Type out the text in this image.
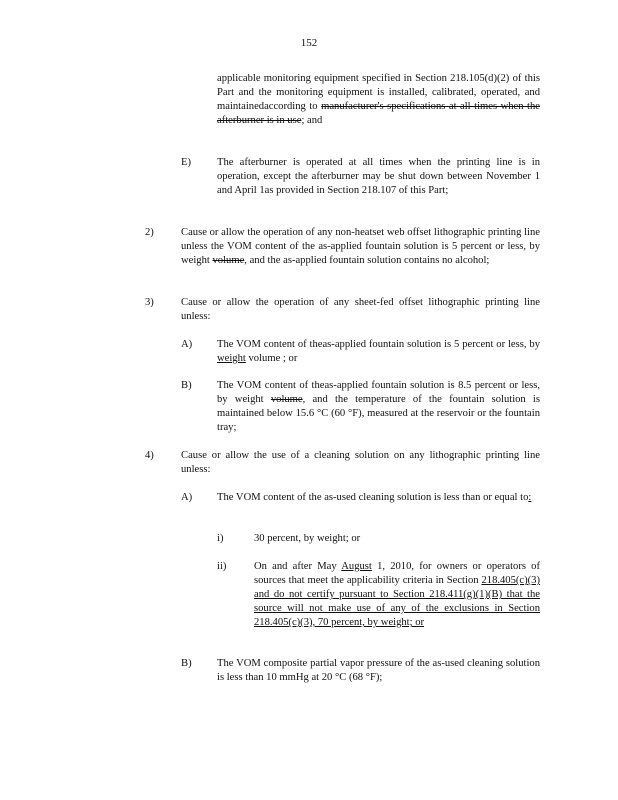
152
applicable monitoring equipment specified in Section 218.105(d)(2) of this Part and the monitoring equipment is installed, calibrated, operated, and maintainedaccording to manufacturer's specifications at all times when the afterburner is in use; and
E) The afterburner is operated at all times when the printing line is in operation, except the afterburner may be shut down between November 1 and April 1as provided in Section 218.107 of this Part;
2)	Cause or allow the operation of any non-heatset web offset lithographic printing line unless the VOM content of the as-applied fountain solution is 5 percent or less, by weight volume, and the as-applied fountain solution contains no alcohol;
3)	Cause or allow the operation of any sheet-fed offset lithographic printing line unless:
A) The VOM content of theas-applied fountain solution is 5 percent or less, by weight volume ; or
B) The VOM content of theas-applied fountain solution is 8.5 percent or less, by weight volume, and the temperature of the fountain solution is maintained below 15.6 °C (60 °F), measured at the reservoir or the fountain tray;
4)	Cause or allow the use of a cleaning solution on any lithographic printing line unless:
A) The VOM content of the as-used cleaning solution is less than or equal to:
i)	30 percent, by weight; or
ii)	On and after May August 1, 2010, for owners or operators of sources that meet the applicability criteria in Section 218.405(c)(3) and do not certify pursuant to Section 218.411(g)(1)(B) that the source will not make use of any of the exclusions in Section 218.405(c)(3), 70 percent, by weight; or
B) The VOM composite partial vapor pressure of the as-used cleaning solution is less than 10 mmHg at 20 °C (68 °F);
